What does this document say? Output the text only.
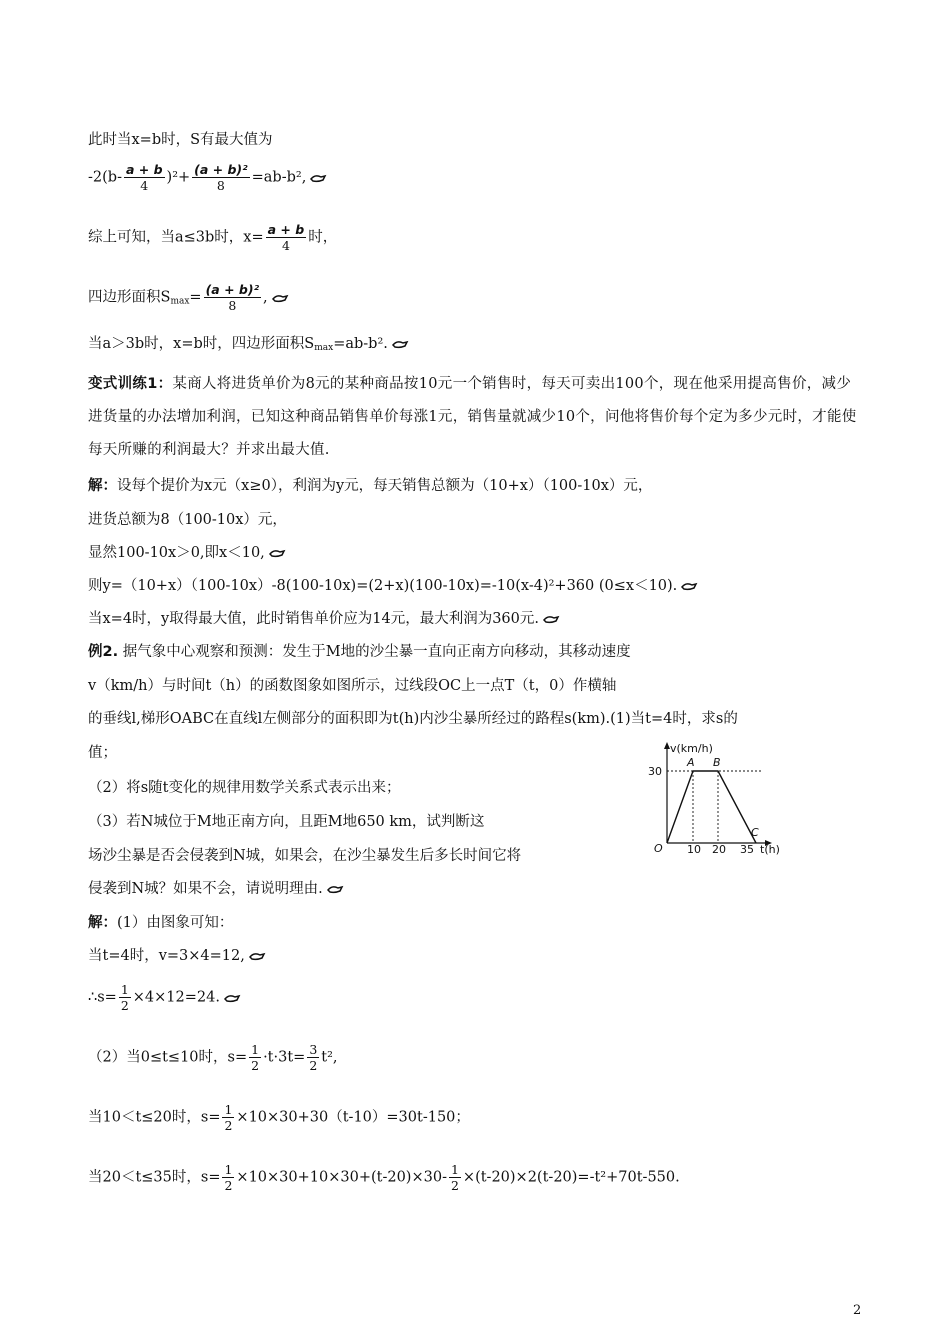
此时当x=b时，S有最大值为
$-2(b- \frac{a + b}{4} )^2+ \frac{\text{(a + b)²}}{8} =ab-b^2$,
综上可知，当a≤3b时，$x= \frac{a + b}{4}$ 时，
四边形面积$S_{max}= \frac{\text{(a + b)²}}{8}$ ,
当a＞3b时，x=b时，四边形面积$S_{max}=ab-b^2$.
变式训练1：某商人将进货单价为8元的某种商品按10元一个销售时，每天可卖出100个，现在他采用提高售价，减少进货量的办法增加利润，已知这种商品销售单价每涨1元，销售量就减少10个，问他将售价每个定为多少元时，才能使每天所赚的利润最大？并求出最大值.
解：设每个提价为x元（x≥0），利润为y元，每天销售总额为（10+x）（100-10x）元，
进货总额为8（100-10x）元，
显然100-10x＞0,即x＜10,
则y=（10+x）（100-10x）-8(100-10x)=(2+x)(100-10x)=-10(x-4)²+360 (0≤x＜10).
当x=4时，y取得最大值，此时销售单价应为14元，最大利润为360元.
例2. 据气象中心观察和预测：发生于M地的沙尘暴一直向正南方向移动，其移动速度
v（km/h）与时间t（h）的函数图象如图所示，过线段OC上一点T（t，0）作横轴
的垂线l,梯形OABC在直线l左侧部分的面积即为t(h)内沙尘暴所经过的路程s(km).(1)当t=4时，求s的
值；
（2）将s随t变化的规律用数学关系式表示出来；
（3）若N城位于M地正南方向，且距M地650 km，试判断这
场沙尘暴是否会侵袭到N城，如果会，在沙尘暴发生后多长时间它将
侵袭到N城？如果不会，请说明理由.
v(km/h)
30
A B
C
O 10 20 35 t(h)
解：(1）由图象可知：
当t=4时，v=3×4=12,
∴s= $\frac{1}{2} \times 4\times 12=24$.
（2）当0≤t≤10时，$s= \frac{1}{2} \cdot t\cdot 3t= \frac{3}{2} t^2$,
当10＜t≤20时，$s= \frac{1}{2} \times 10\times 30+30(t-10)=30t-150$；
当20＜t≤35时，$s= \frac{1}{2} \times 10\times 30+10\times 30+(t-20)\times 30- \frac{1}{2} \times(t-20)\times 2(t-20)=-t^2+70t-550$.
2
